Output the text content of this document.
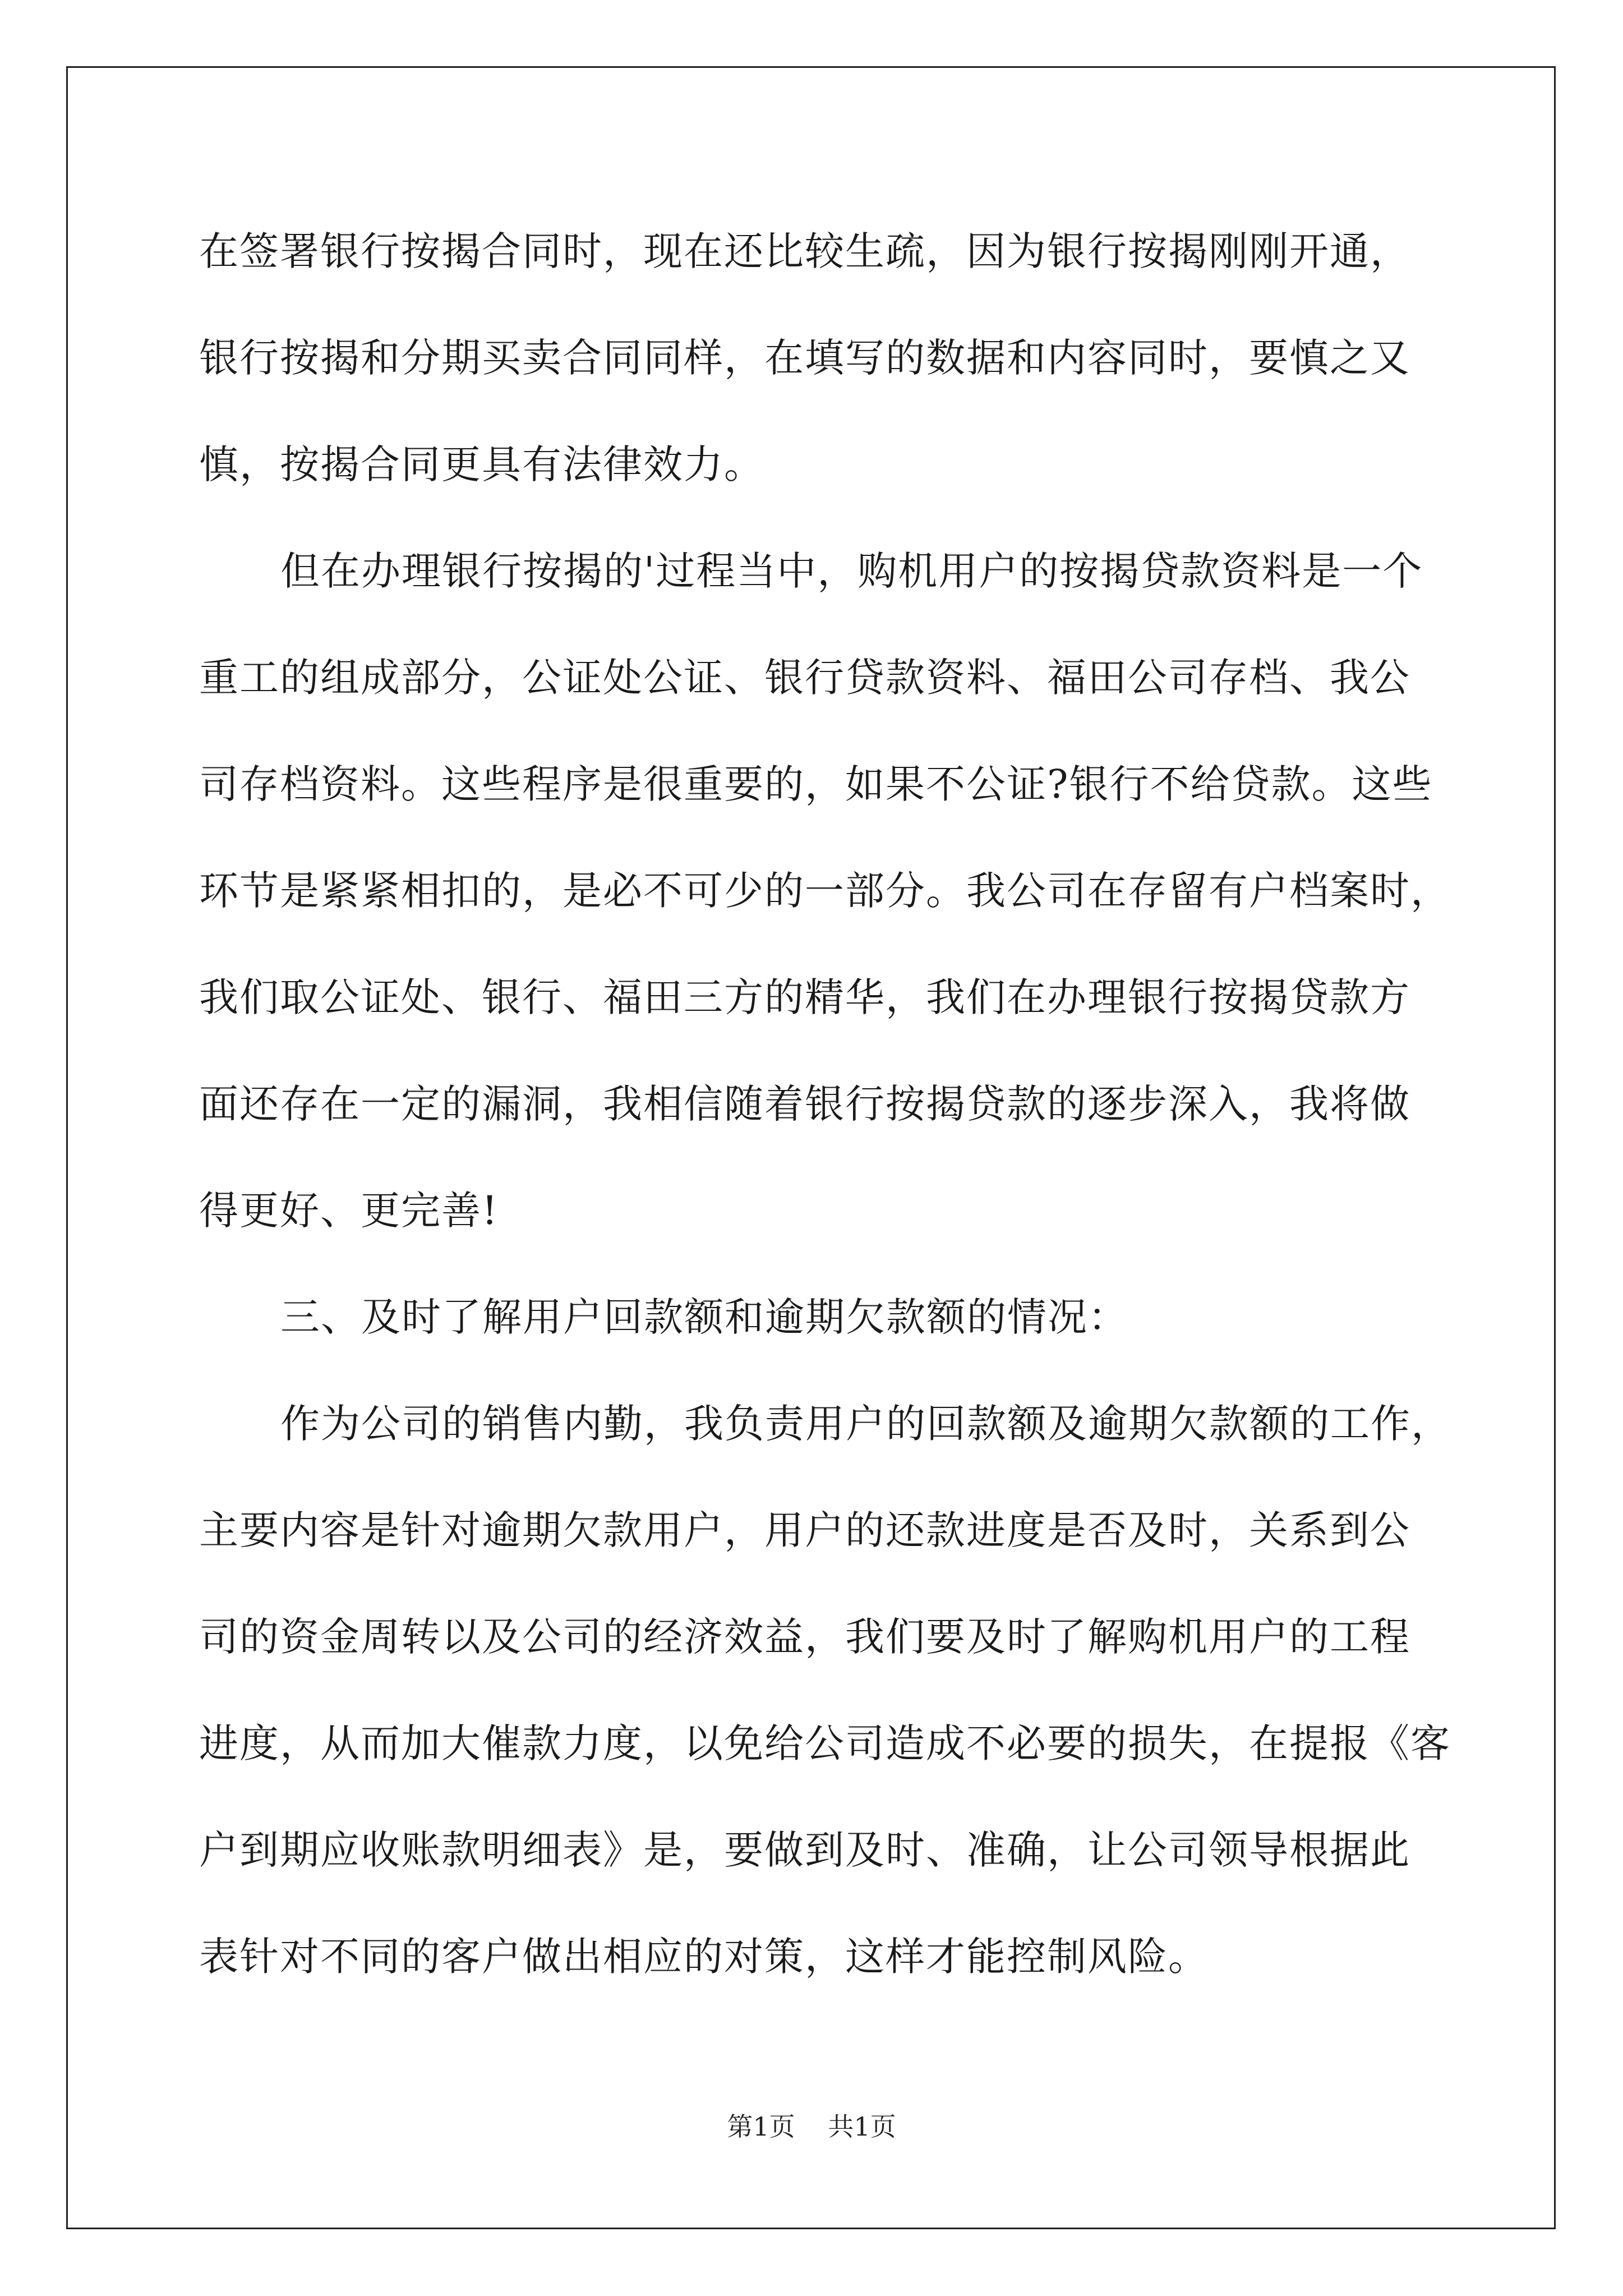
在签署银行按揭合同时，现在还比较生疏，因为银行按揭刚刚开通，
银行按揭和分期买卖合同同样，在填写的数据和内容同时，要慎之又
慎，按揭合同更具有法律效力。
但在办理银行按揭的'过程当中，购机用户的按揭贷款资料是一个
重工的组成部分，公证处公证、银行贷款资料、福田公司存档、我公
司存档资料。这些程序是很重要的，如果不公证?银行不给贷款。这些
环节是紧紧相扣的，是必不可少的一部分。我公司在存留有户档案时，
我们取公证处、银行、福田三方的精华，我们在办理银行按揭贷款方
面还存在一定的漏洞，我相信随着银行按揭贷款的逐步深入，我将做
得更好、更完善!
三、及时了解用户回款额和逾期欠款额的情况：
作为公司的销售内勤，我负责用户的回款额及逾期欠款额的工作，
主要内容是针对逾期欠款用户，用户的还款进度是否及时，关系到公
司的资金周转以及公司的经济效益，我们要及时了解购机用户的工程
进度，从而加大催款力度，以免给公司造成不必要的损失，在提报《客
户到期应收账款明细表》是，要做到及时、准确，让公司领导根据此
表针对不同的客户做出相应的对策，这样才能控制风险。
第1页 共1页
